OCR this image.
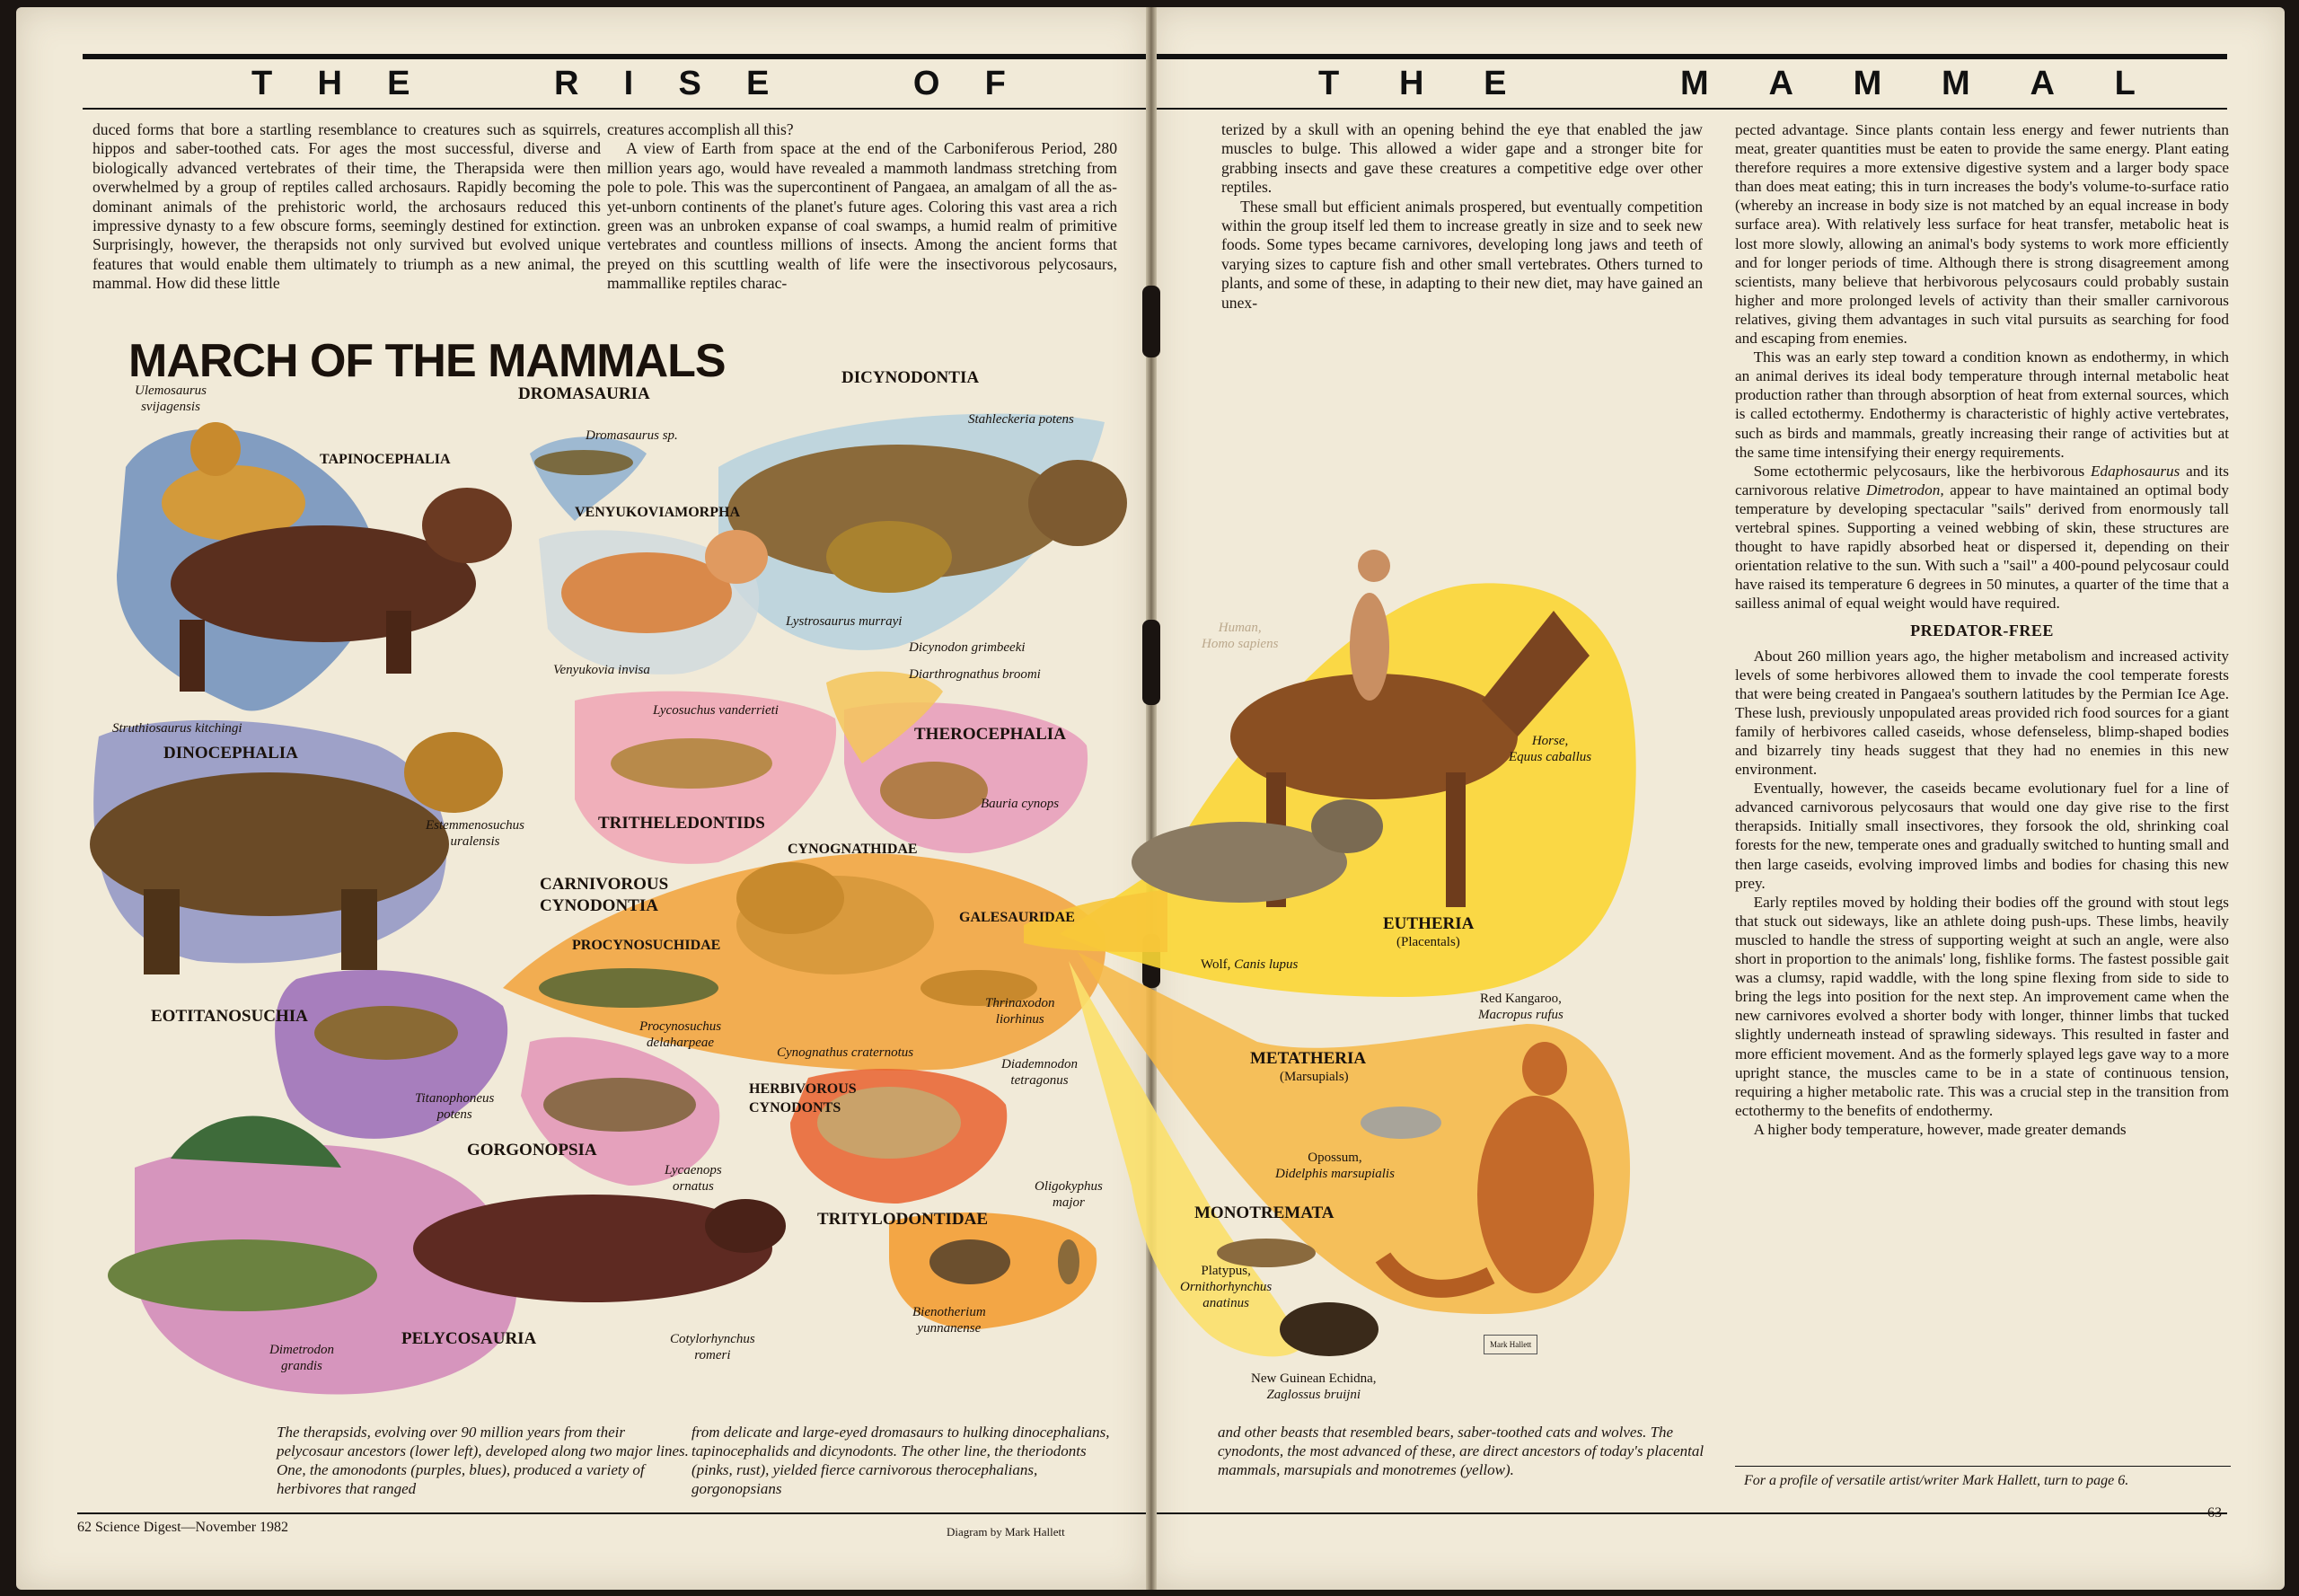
T H E	R I S E	O F

duced forms that bore a startling resemblance to creatures such as squirrels, hippos and saber-toothed cats. For ages the most successful, diverse and biologically advanced vertebrates of their time, the Therapsida were then overwhelmed by a group of reptiles called archosaurs. Rapidly becoming the dominant animals of the prehistoric world, the archosaurs reduced this impressive dynasty to a few obscure forms, seemingly destined for extinction. Surprisingly, however, the therapsids not only survived but evolved unique features that would enable them ultimately to triumph as a new animal, the mammal. How did these little

creatures accomplish all this?

A view of Earth from space at the end of the Carboniferous Period, 280 million years ago, would have revealed a mammoth landmass stretching from pole to pole. This was the supercontinent of Pangaea, an amalgam of all the as-yet-unborn continents of the planet's future ages. Coloring this vast area a rich green was an unbroken expanse of coal swamps, a humid realm of primitive vertebrates and countless millions of insects. Among the ancient forms that preyed on this scuttling wealth of life were the insectivorous pelycosaurs, mammallike reptiles charac-

The therapsids, evolving over 90 million years from their pelycosaur ancestors (lower left), developed along two major lines. One, the amonodonts (purples, blues), produced a variety of herbivores that ranged
from delicate and large-eyed dromasaurs to hulking dinocephalians, tapinocephalids and dicynodonts. The other line, the theriodonts (pinks, rust), yielded fierce carnivorous therocephalians, gorgonopsians
62 Science Digest—November 1982	Diagram by Mark Hallett
T H E	M A M M A L

terized by a skull with an opening behind the eye that enabled the jaw muscles to bulge. This allowed a wider gape and a stronger bite for grabbing insects and gave these creatures a competitive edge over other reptiles.

These small but efficient animals prospered, but eventually competition within the group itself led them to increase greatly in size and to seek new foods. Some types became carnivores, developing long jaws and teeth of varying sizes to capture fish and other small vertebrates. Others turned to plants, and some of these, in adapting to their new diet, may have gained an unex-

pected advantage. Since plants contain less energy and fewer nutrients than meat, greater quantities must be eaten to provide the same energy. Plant eating therefore requires a more extensive digestive system and a larger body space than does meat eating; this in turn increases the body's volume-to-surface ratio (whereby an increase in body size is not matched by an equal increase in body surface area). With relatively less surface for heat transfer, metabolic heat is lost more slowly, allowing an animal's body systems to work more efficiently and for longer periods of time. Although there is strong disagreement among scientists, many believe that herbivorous pelycosaurs could probably sustain higher and more prolonged levels of activity than their smaller carnivorous relatives, giving them advantages in such vital pursuits as searching for food and escaping from enemies.

This was an early step toward a condition known as endothermy, in which an animal derives its ideal body temperature through internal metabolic heat production rather than through absorption of heat from external sources, which is called ectothermy. Endothermy is characteristic of highly active vertebrates, such as birds and mammals, greatly increasing their range of activities but at the same time intensifying their energy requirements.

Some ectothermic pelycosaurs, like the herbivorous Edaphosaurus and its carnivorous relative Dimetrodon, appear to have maintained an optimal body temperature by developing spectacular "sails" derived from enormously tall vertebral spines. Supporting a veined webbing of skin, these structures are thought to have rapidly absorbed heat or dispersed it, depending on their orientation relative to the sun. With such a "sail" a 400-pound pelycosaur could have raised its temperature 6 degrees in 50 minutes, a quarter of the time that a sailless animal of equal weight would have required.

PREDATOR-FREE

About 260 million years ago, the higher metabolism and increased activity levels of some herbivores allowed them to invade the cool temperate forests that were being created in Pangaea's southern latitudes by the Permian Ice Age. These lush, previously unpopulated areas provided rich food sources for a giant family of herbivores called caseids, whose defenseless, blimp-shaped bodies and bizarrely tiny heads suggest that they had no enemies in this new environment.

Eventually, however, the caseids became evolutionary fuel for a line of advanced carnivorous pelycosaurs that would one day give rise to the first therapsids. Initially small insectivores, they forsook the old, shrinking coal forests for the new, temperate ones and gradually switched to hunting small and then large caseids, evolving improved limbs and bodies for chasing this new prey.

Early reptiles moved by holding their bodies off the ground with stout legs that stuck out sideways, like an athlete doing push-ups. These limbs, heavily muscled to handle the stress of supporting weight at such an angle, were also short in proportion to the animals' long, fishlike forms. The fastest possible gait was a clumsy, rapid waddle, with the long spine flexing from side to side to bring the legs into position for the next step. An improvement came when the new carnivores evolved a shorter body with longer, thinner limbs that tucked slightly underneath instead of sprawling sideways. This resulted in faster and more efficient movement. And as the formerly splayed legs gave way to a more upright stance, the muscles came to be in a state of continuous tension, requiring a higher metabolic rate. This was a crucial step in the transition from ectothermy to the benefits of endothermy.

A higher body temperature, however, made greater demands

and other beasts that resembled bears, saber-toothed cats and wolves. The cynodonts, the most advanced of these, are direct ancestors of today's placental mammals, marsupials and monotremes (yellow).
For a profile of versatile artist/writer Mark Hallett, turn to page 6.
63
MARCH OF THE MAMMALS
DROMASAURIA
DICYNODONTIA
TAPINOCEPHALIA
VENYUKOVIAMORPHA
DINOCEPHALIA
THEROCEPHALIA
TRITHELEDONTIDS
CYNOGNATHIDAE
CARNIVOROUS
CYNODONTIA
GALESAURIDAE
PROCYNOSUCHIDAE
EOTITANOSUCHIA
HERBIVOROUS
CYNODONTS
GORGONOPSIA
TRITYLODONTIDAE
PELYCOSAURIA
EUTHERIA
(Placentals)
METATHERIA
(Marsupials)
MONOTREMATA
Ulemosaurus
svijagensis
Dromasaurus sp.
Stahleckeria potens
Lystrosaurus murrayi
Dicynodon grimbeeki
Diarthrognathus broomi
Venyukovia invisa
Lycosuchus vanderrieti
Struthiosaurus kitchingi
Bauria cynops
Estemmenosuchus
uralensis
Procynosuchus
delaharpeae
Cynognathus craternotus
Thrinaxodon
liorhinus
Diademnodon
tetragonus
Titanophoneus
potens
Lycaenops
ornatus	Oligokyphus
major
Bienotherium
yunnanense
Dimetrodon
grandis
Cotylorhynchus
romeri
Human,
Homo sapiens
Horse,
Equus caballus
Wolf, Canis lupus
Red Kangaroo,
Macropus rufus
Opossum,
Didelphis marsupialis
Platypus,
Ornithorhynchus
anatinus
New Guinean Echidna,
Zaglossus bruijni
Mark Hallett
